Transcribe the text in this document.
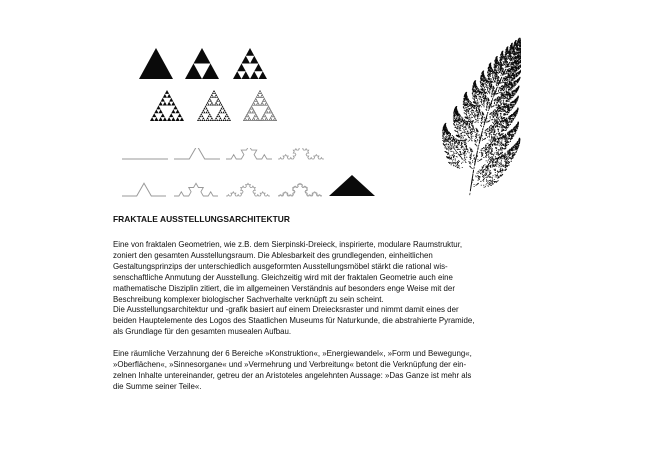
FRAKTALE AUSSTELLUNGSARCHITEKTUR
Eine von fraktalen Geometrien, wie z.B. dem Sierpinski-Dreieck, inspirierte, modulare Raumstruktur,
zoniert den gesamten Ausstellungsraum. Die Ablesbarkeit des grundlegenden, einheitlichen
Gestaltungsprinzips der unterschiedlich ausgeformten Ausstellungsmöbel stärkt die rational wis-
senschaftliche Anmutung der Ausstellung. Gleichzeitig wird mit der fraktalen Geometrie auch eine
mathematische Disziplin zitiert, die im allgemeinen Verständnis auf besonders enge Weise mit der
Beschreibung komplexer biologischer Sachverhalte verknüpft zu sein scheint.
Die Ausstellungsarchitektur und -grafik basiert auf einem Dreiecksraster und nimmt damit eines der
beiden Hauptelemente des Logos des Staatlichen Museums für Naturkunde, die abstrahierte Pyramide,
als Grundlage für den gesamten musealen Aufbau.
Eine räumliche Verzahnung der 6 Bereiche »Konstruktion«, »Energiewandel«, »Form und Bewegung«,
»Oberflächen«, »Sinnesorgane« und »Vermehrung und Verbreitung« betont die Verknüpfung der ein-
zelnen Inhalte untereinander, getreu der an Aristoteles angelehnten Aussage: »Das Ganze ist mehr als
die Summe seiner Teile«.
